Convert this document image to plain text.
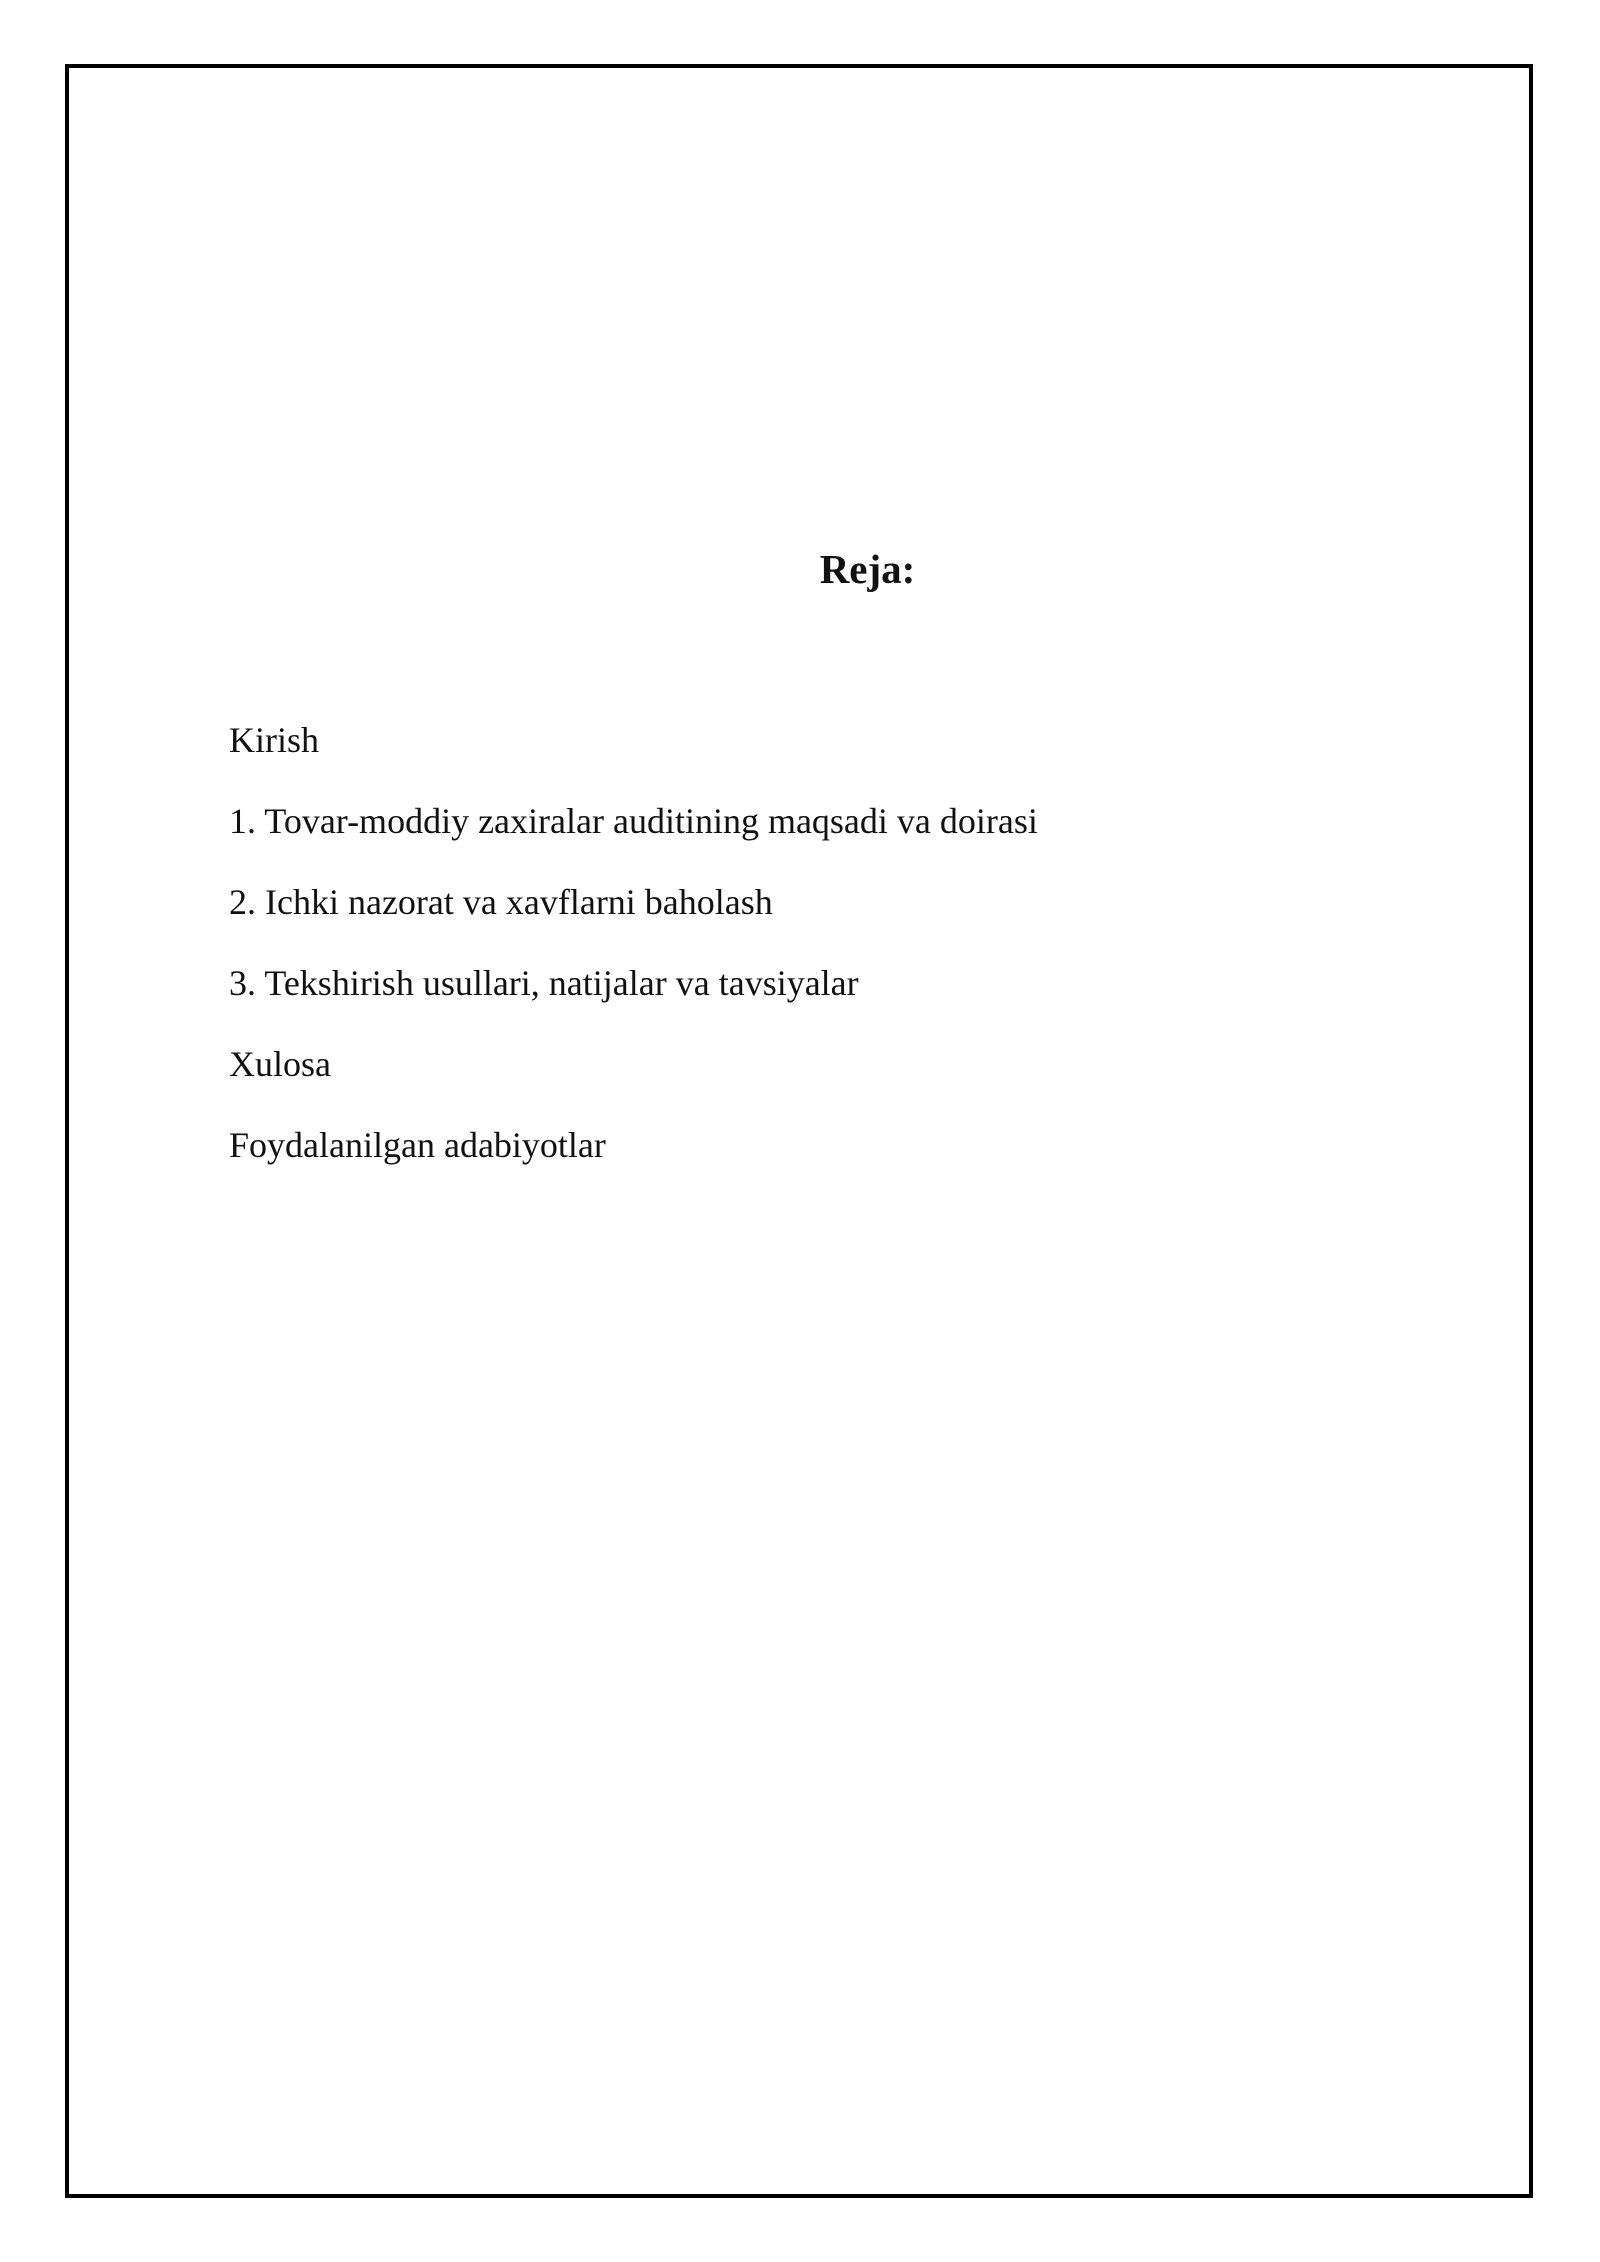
Reja:
Kirish
1. Tovar-moddiy zaxiralar auditining maqsadi va doirasi
2. Ichki nazorat va xavflarni baholash
3. Tekshirish usullari, natijalar va tavsiyalar
Xulosa
Foydalanilgan adabiyotlar
